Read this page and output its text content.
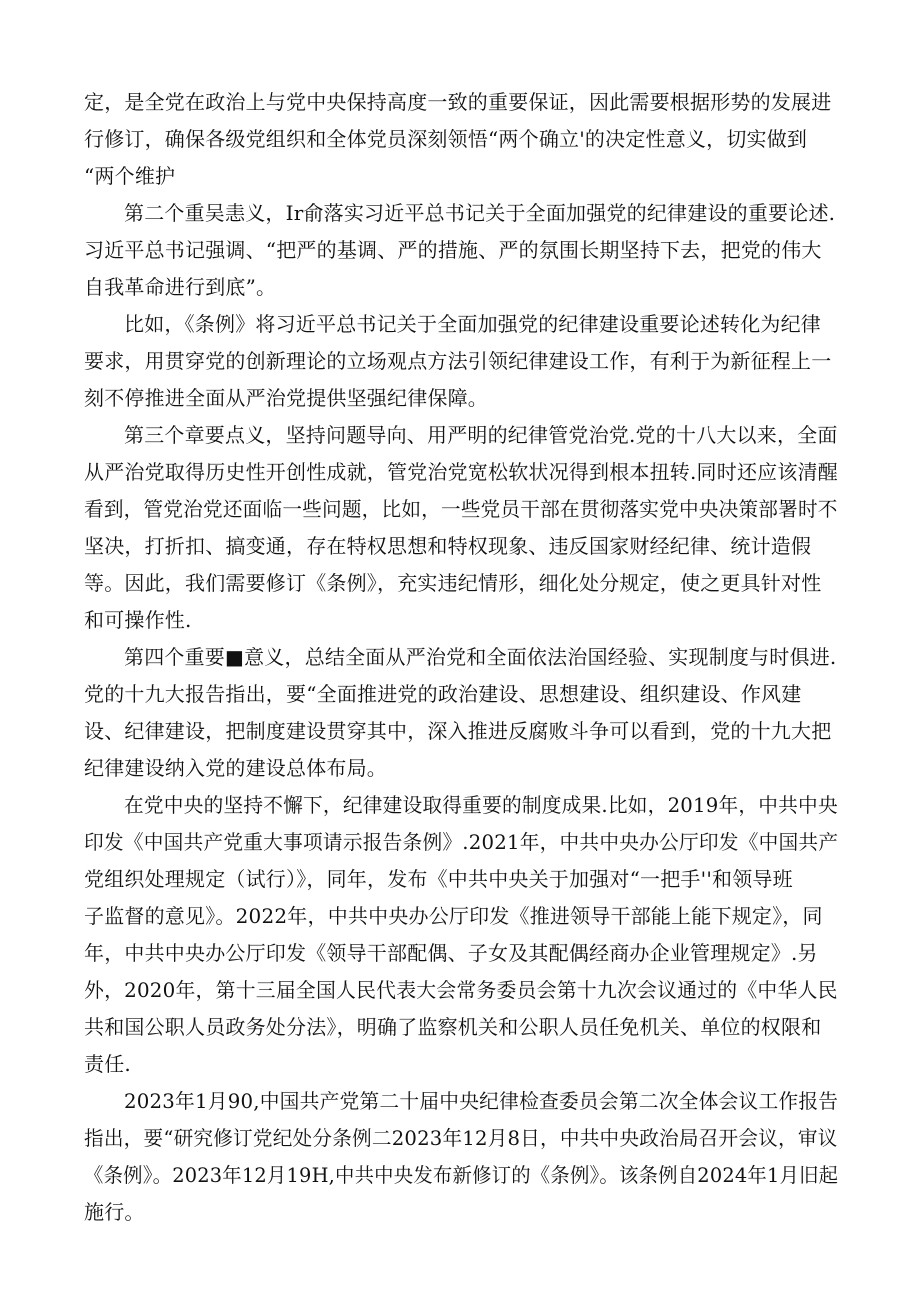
定，是全党在政治上与党中央保持高度一致的重要保证，因此需要根据形势的发展进
行修订，确保各级党组织和全体党员深刻领悟“两个确立'的决定性意义，切实做到
“两个维护
第二个重吴恚义，Ir俞落实习近平总书记关于全面加强党的纪律建设的重要论述.
习近平总书记强调、“把严的基调、严的措施、严的氛围长期坚持下去，把党的伟大
自我革命进行到底”。
比如，《条例》将习近平总书记关于全面加强党的纪律建设重要论述转化为纪律
要求，用贯穿党的创新理论的立场观点方法引领纪律建设工作，有利于为新征程上一
刻不停推进全面从严治党提供坚强纪律保障。
第三个章要点义，坚持问题导向、用严明的纪律管党治党.党的十八大以来，全面
从严治党取得历史性开创性成就，管党治党宽松软状况得到根本扭转.同时还应该清醒
看到，管党治党还面临一些问题，比如，一些党员干部在贯彻落实党中央决策部署时不
坚决，打折扣、搞变通，存在特权思想和特权现象、违反国家财经纪律、统计造假
等。因此，我们需要修订《条例》，充实违纪情形，细化处分规定，使之更具针对性
和可操作性.
第四个重要■意义，总结全面从严治党和全面依法治国经验、实现制度与时俱进.
党的十九大报告指出，要“全面推进党的政治建设、思想建设、组织建设、作风建
设、纪律建设，把制度建设贯穿其中，深入推进反腐败斗争可以看到，党的十九大把
纪律建设纳入党的建设总体布局。
在党中央的坚持不懈下，纪律建设取得重要的制度成果.比如，2019年，中共中央
印发《中国共产党重大事项请示报告条例》.2021年，中共中央办公厅印发《中国共产
党组织处理规定（试行）》，同年，发布《中共中央关于加强对“一把手''和领导班
子监督的意见》。2022年，中共中央办公厅印发《推进领导干部能上能下规定》，同
年，中共中央办公厅印发《领导干部配偶、子女及其配偶经商办企业管理规定》.另
外，2020年，第十三届全国人民代表大会常务委员会第十九次会议通过的《中华人民
共和国公职人员政务处分法》，明确了监察机关和公职人员任免机关、单位的权限和
责任.
2023年1月90,中国共产党第二十届中央纪律检查委员会第二次全体会议工作报告
指出，要“研究修订党纪处分条例二2023年12月8日，中共中央政治局召开会议，审议
《条例》。2023年12月19H,中共中央发布新修订的《条例》。该条例自2024年1月旧起
施行。
